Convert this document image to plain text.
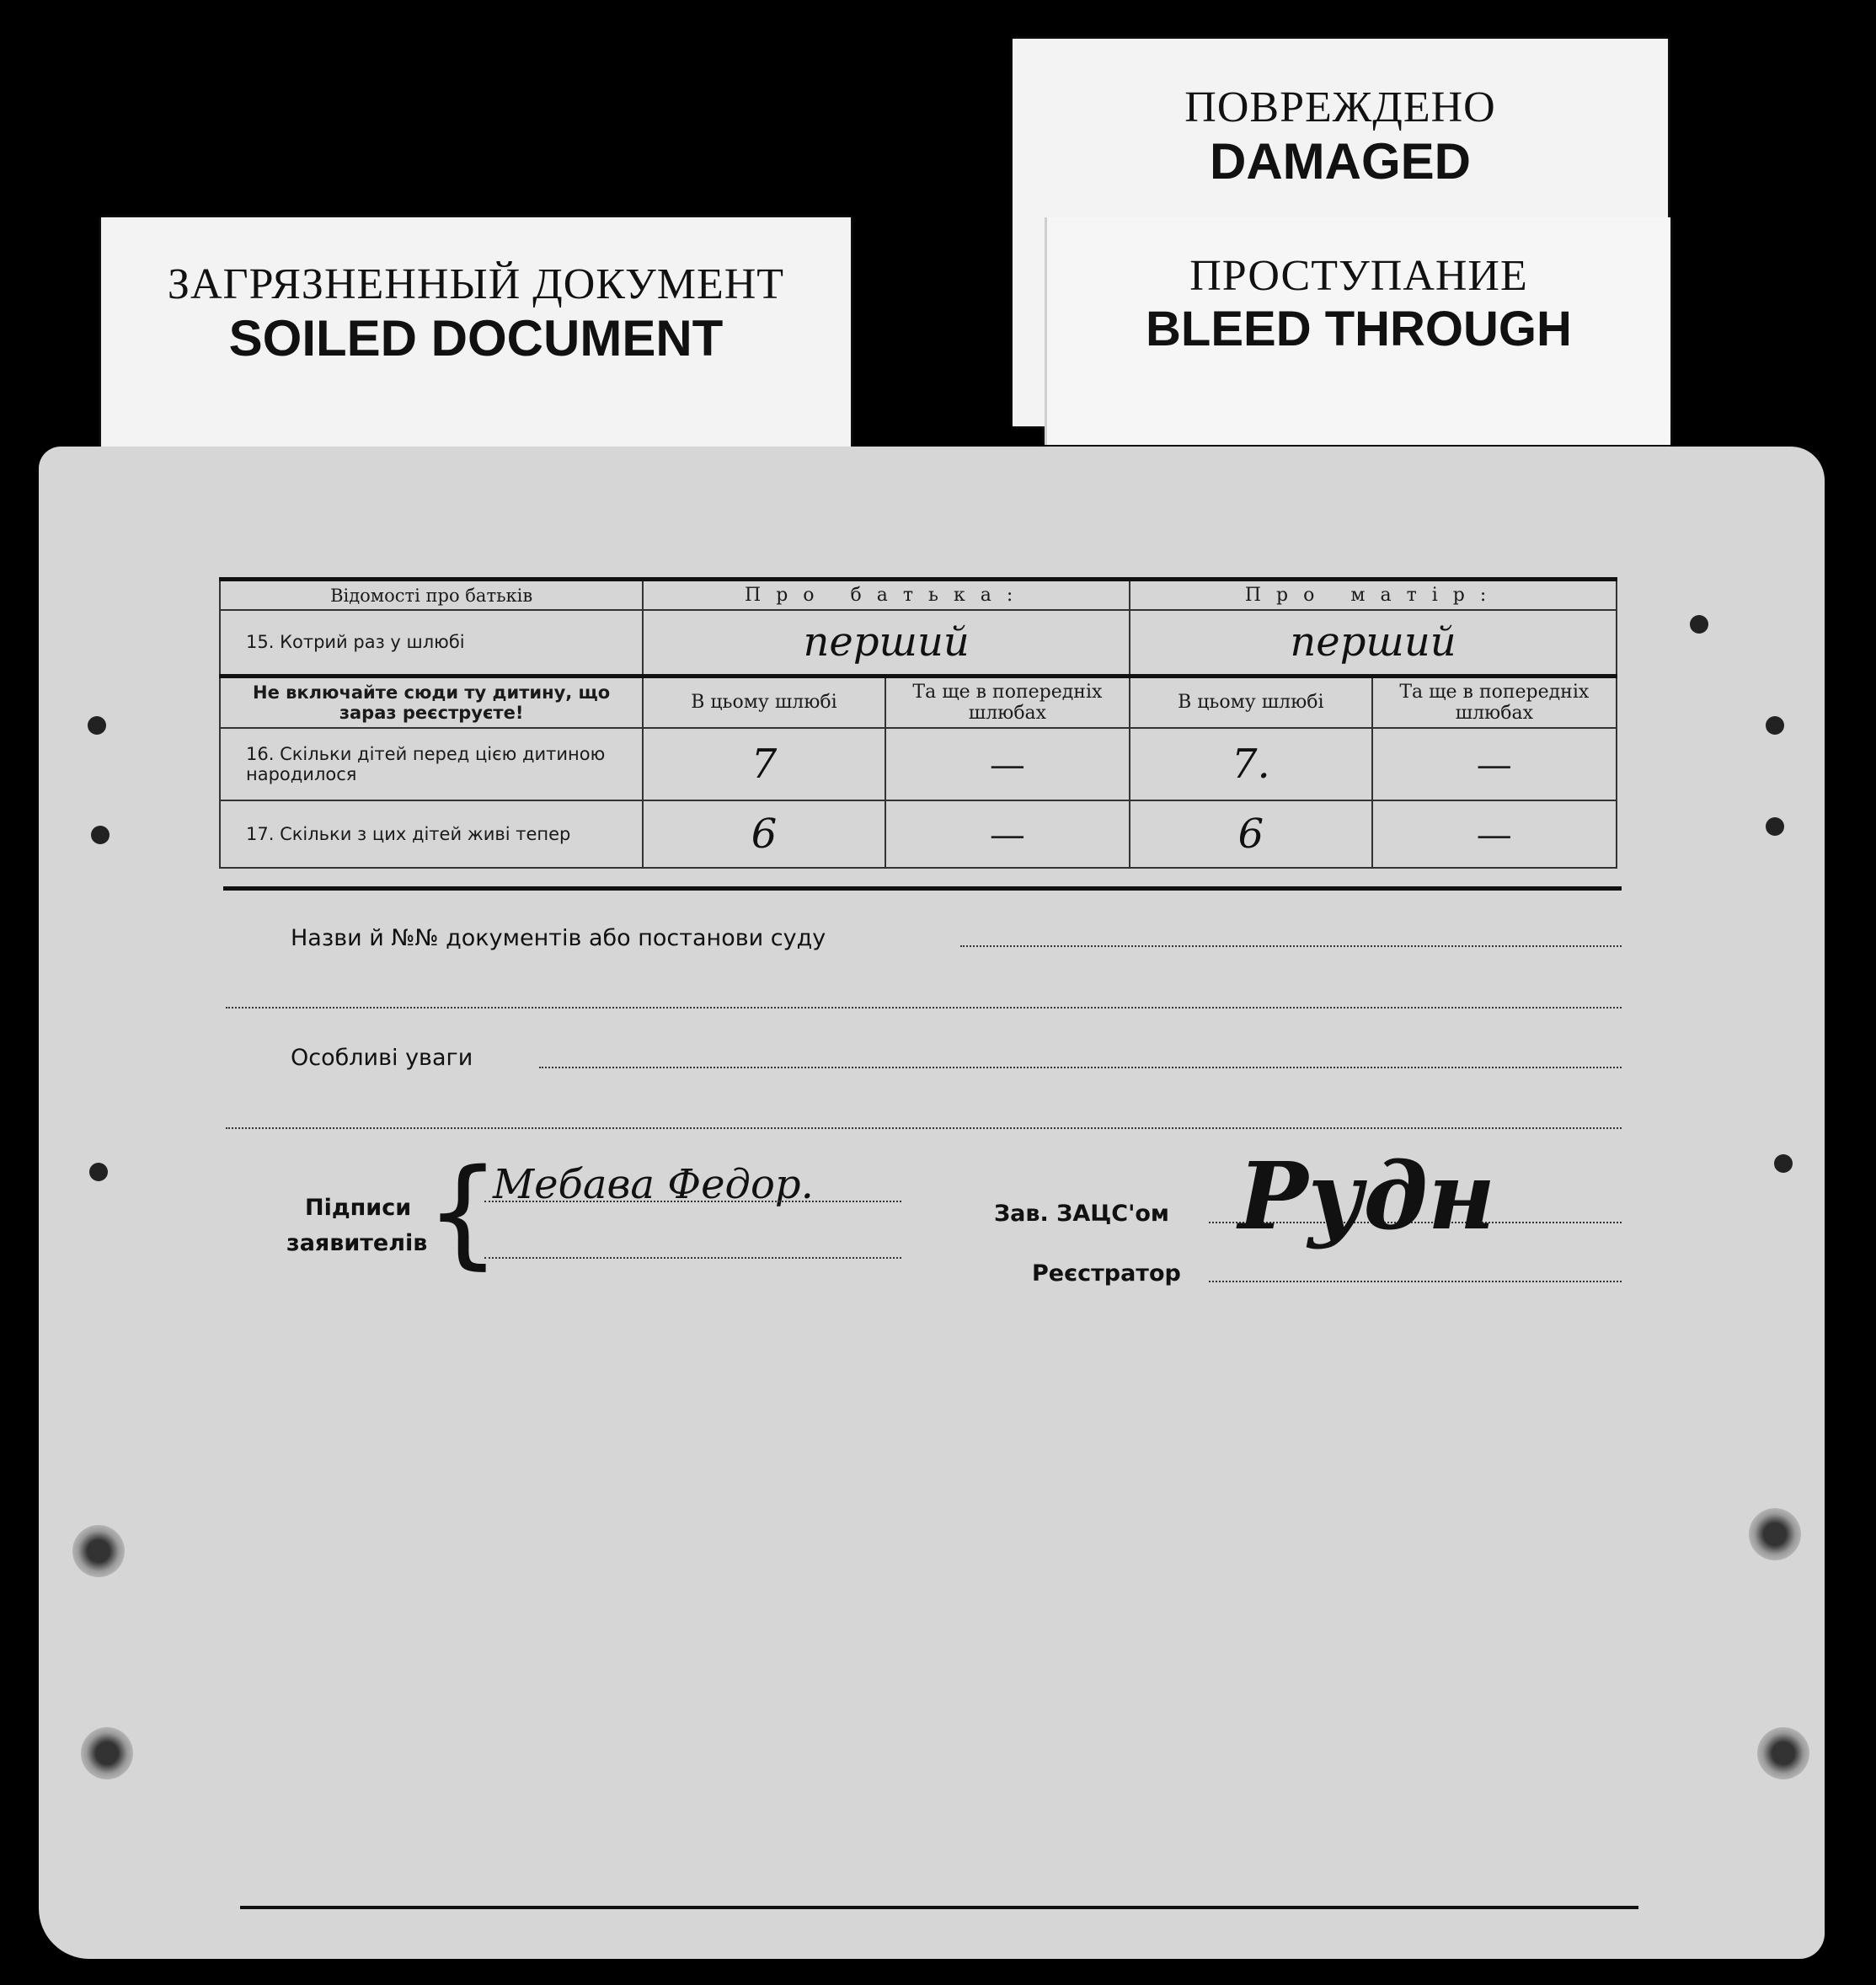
ЗАГРЯЗНЕННЫЙ ДОКУМЕНТ
SOILED DOCUMENT
ПОВРЕЖДЕНО
DAMAGED
ПРОСТУПАНИЕ
BLEED THROUGH
Відомості про батьків	Про батька:		Про матір:	
15. Котрий раз у шлюбі	перший		перший	
Не включайте сюди ту дитину, що зараз реєструєте!	В цьому шлюбі	Та ще в попередніх шлюбах	В цьому шлюбі	Та ще в попередніх шлюбах
16. Скільки дітей перед цією дитиною народилося	7	—	7.	—
17. Скільки з цих дітей живі тепер	6	—	6	—
Назви й №№ документів або постанови суду
Особливі уваги
Підписи
заявителів
{
Мебава Федор.
Зав. ЗАЦС'ом
Реєстратор
Рудн
